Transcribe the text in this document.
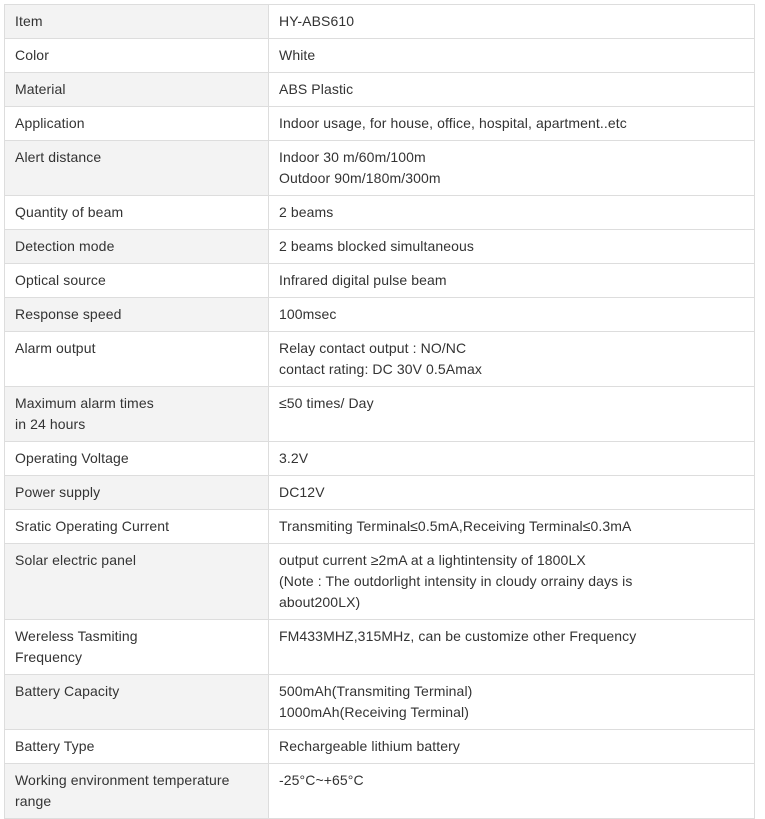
Item	HY-ABS610

Color	White

Material	ABS Plastic

Application	Indoor usage, for house, office, hospital, apartment..etc

Alert distance	Indoor 30 m/60m/100m
Outdoor 90m/180m/300m

Quantity of beam	2 beams

Detection mode	2 beams blocked simultaneous

Optical source	Infrared digital pulse beam

Response speed	100msec

Alarm output	Relay contact output : NO/NC
contact rating: DC 30V 0.5Amax

Maximum alarm times
in 24 hours	≤50 times/ Day

Operating Voltage	3.2V

Power supply	DC12V

Sratic Operating Current	Transmiting Terminal≤0.5mA,Receiving Terminal≤0.3mA

Solar electric panel	output current ≥2mA at a lightintensity of 1800LX
(Note : The outdorlight intensity in cloudy orrainy days is
about200LX)

Wereless Tasmiting
Frequency	FM433MHZ,315MHz, can be customize other Frequency

Battery Capacity	500mAh(Transmiting Terminal)
1000mAh(Receiving Terminal)

Battery Type	Rechargeable lithium battery

Working environment temperature
range	-25°C~+65°C
